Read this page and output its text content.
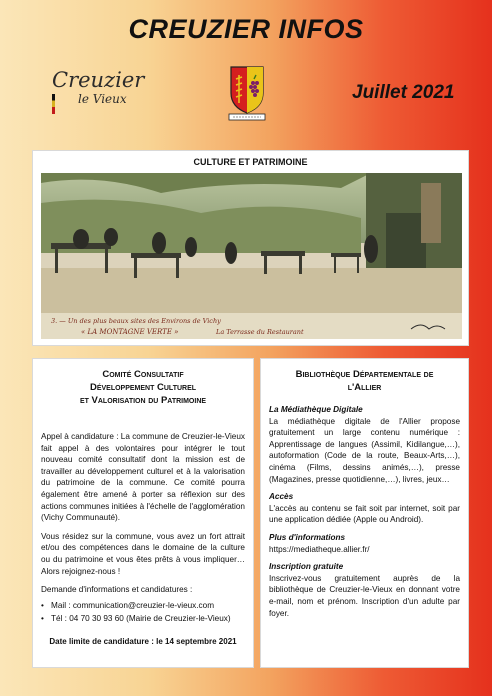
CREUZIER INFOS
Creuzier
le Vieux	Juillet 2021
CULTURE ET PATRIMOINE
3. — Un des plus beaux sites des Environs de Vichy
« LA MONTAGNE VERTE »	La Terrasse du Restaurant
Comité Consultatif
Développement Culturel
et Valorisation du Patrimoine

Appel à candidature : La commune de Creuzier-le-Vieux fait appel à des volontaires pour intégrer le tout nouveau comité consultatif dont la mission est de travailler au développement culturel et à la valorisation du patrimoine de la commune. Ce comité pourra également être amené à porter sa réflexion sur des actions communes initiées à l'échelle de l'agglomération (Vichy Communauté).

Vous résidez sur la commune, vous avez un fort attrait et/ou des compétences dans le domaine de la culture ou du patrimoine et vous êtes prêts à vous impliquer… Alors rejoignez-nous !

Demande d'informations et candidatures :

• Mail : communication@creuzier-le-vieux.com
• Tél : 04 70 30 93 60 (Mairie de Creuzier-le-Vieux)
Date limite de candidature : le 14 septembre 2021
Bibliothèque Départementale de
l'Allier
La Médiathèque Digitale
La médiathèque digitale de l'Allier propose gratuitement un large contenu numérique : Apprentissage de langues (Assimil, Kidilangue,…), autoformation (Code de la route, Beaux-Arts,…), cinéma (Films, dessins animés,…), presse (Magazines, presse quotidienne,…), livres, jeux…
Accès
L'accès au contenu se fait soit par internet, soit par une application dédiée (Apple ou Android).
Plus d'informations
https://mediatheque.allier.fr/
Inscription gratuite
Inscrivez-vous gratuitement auprès de la bibliothèque de Creuzier-le-Vieux en donnant votre e-mail, nom et prénom. Inscription d'un adulte par foyer.
